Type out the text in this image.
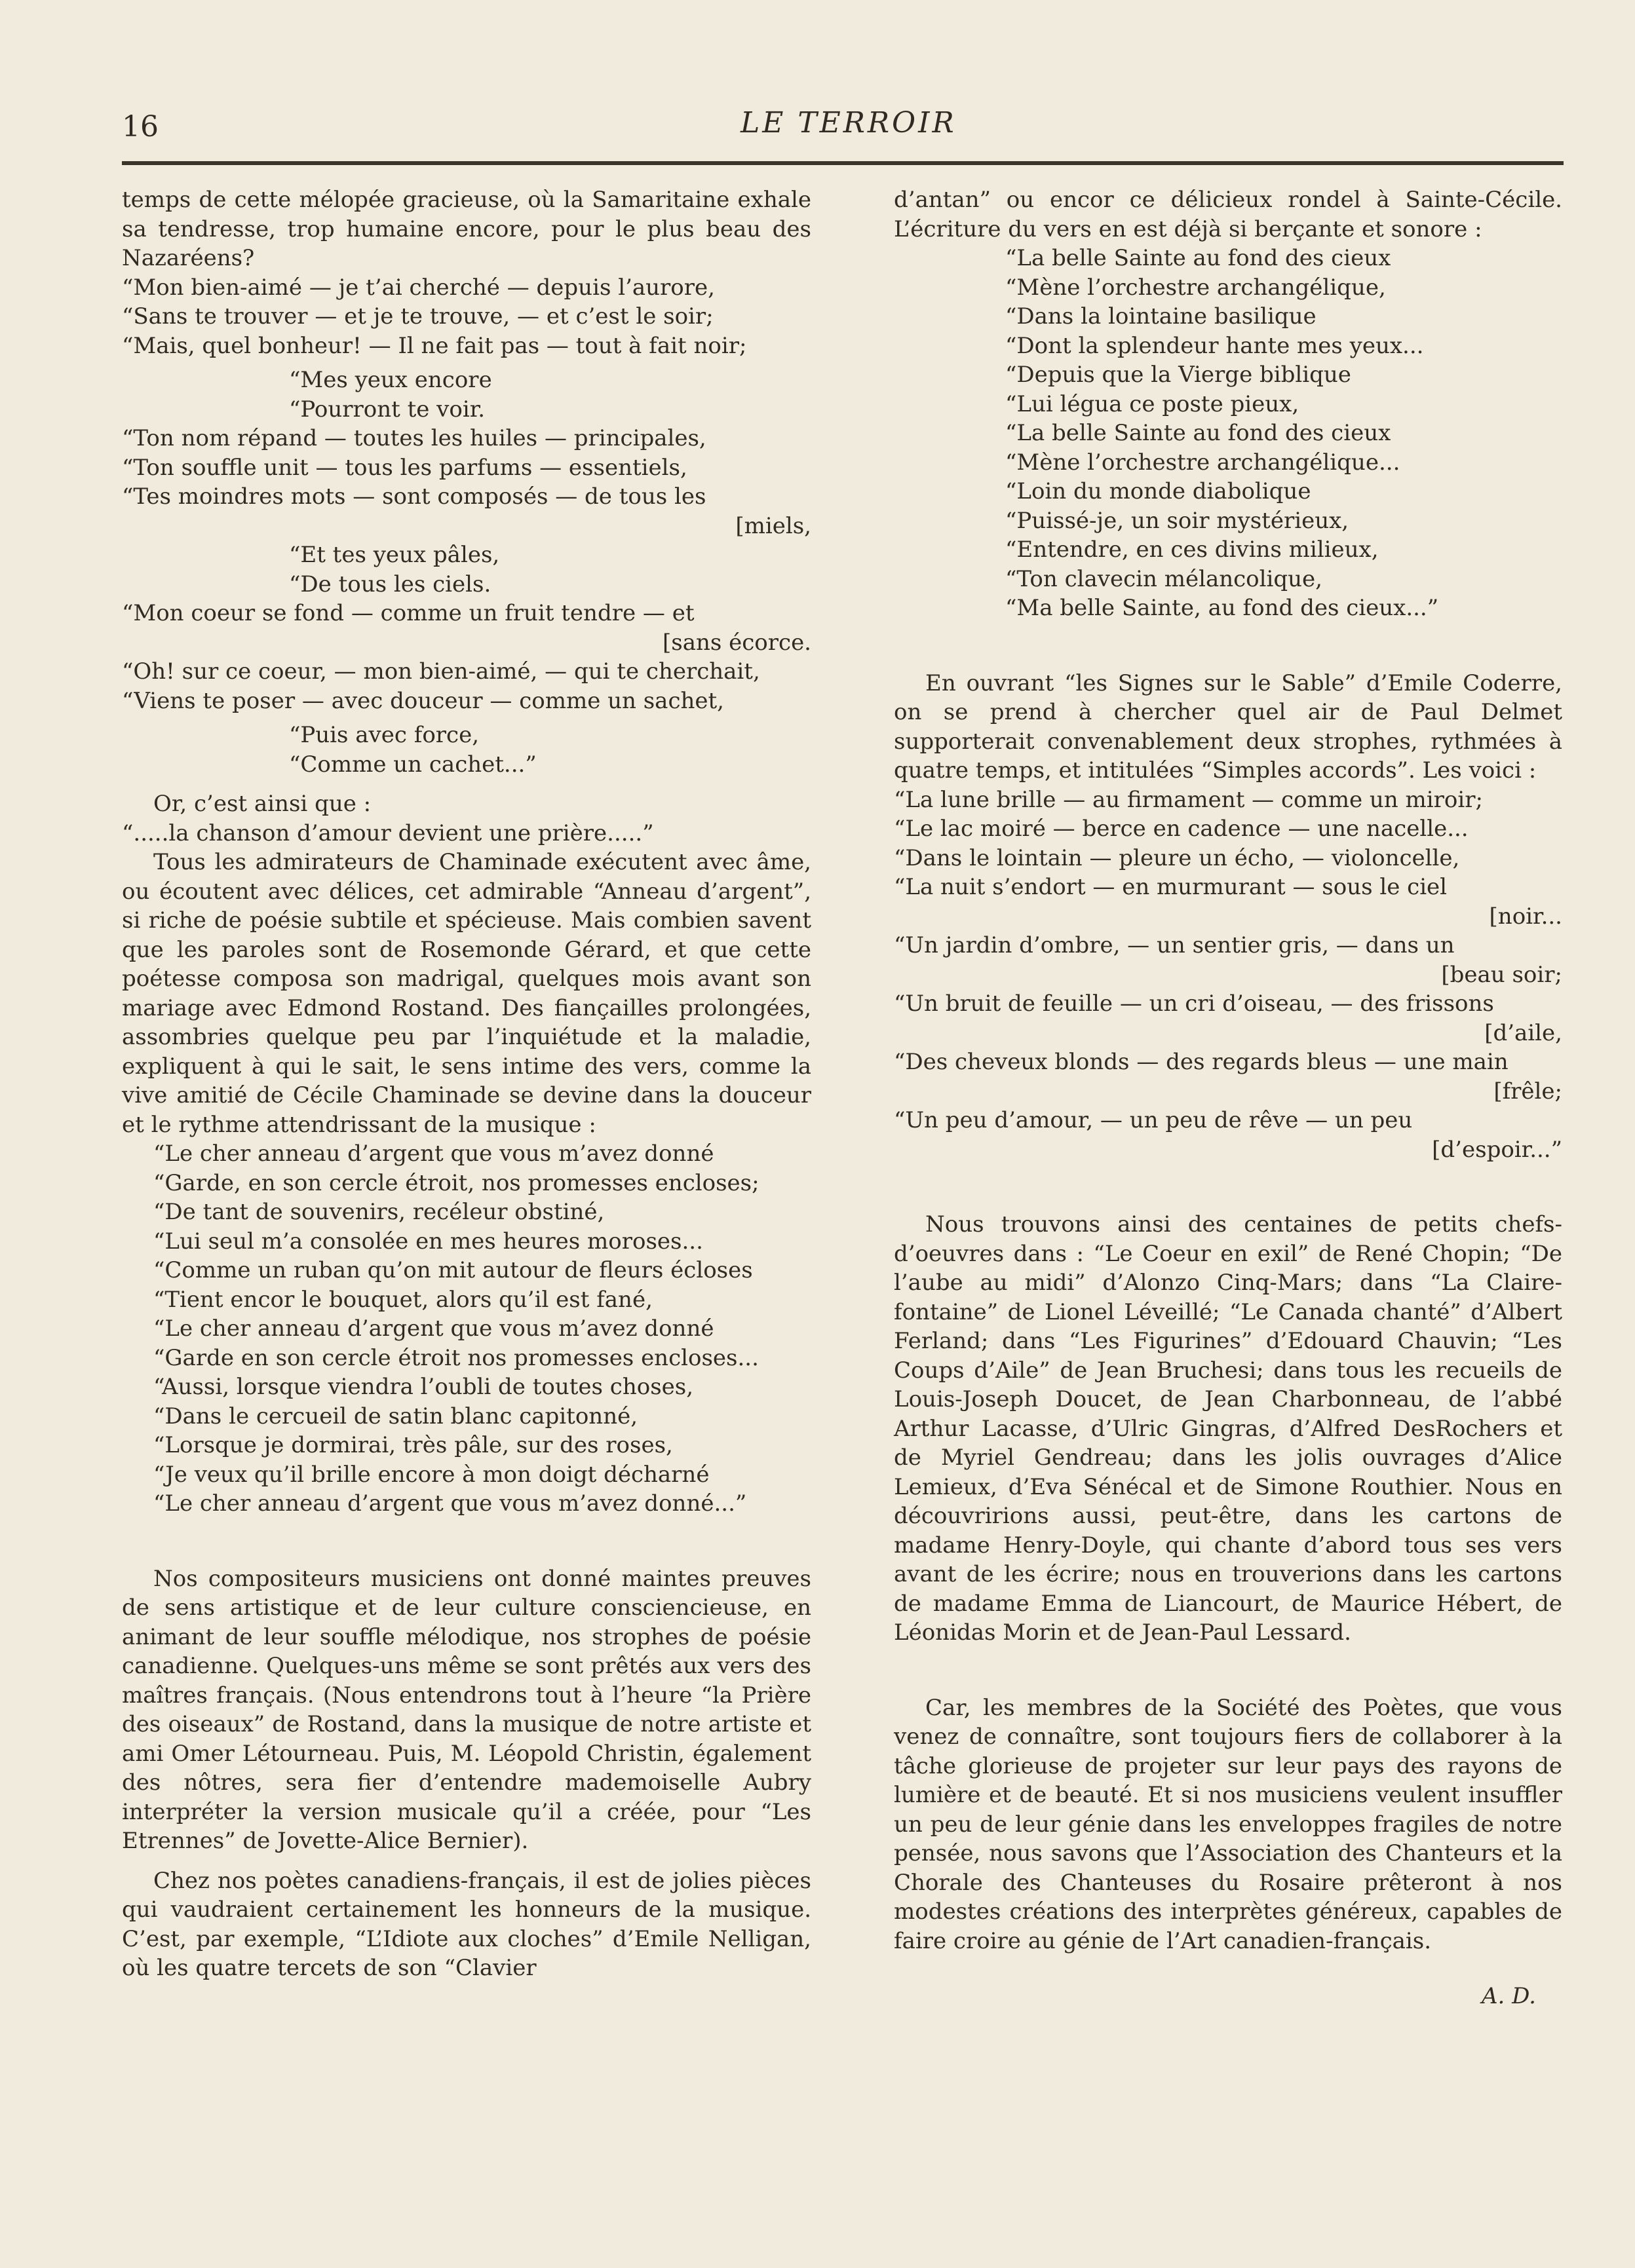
16	LE TERROIR

temps de cette mélopée gracieuse, où la Samaritaine exhale sa tendresse, trop humaine encore, pour le plus beau des Nazaréens?

“Mon bien-aimé — je t’ai cherché — depuis l’aurore,
“Sans te trouver — et je te trouve, — et c’est le soir;
“Mais, quel bonheur! — Il ne fait pas — tout à fait noir;
“Mes yeux encore
“Pourront te voir.
“Ton nom répand — toutes les huiles — principales,
“Ton souffle unit — tous les parfums — essentiels,
“Tes moindres mots — sont composés — de tous les
[miels,
“Et tes yeux pâles,
“De tous les ciels.
“Mon coeur se fond — comme un fruit tendre — et
[sans écorce.
“Oh! sur ce coeur, — mon bien-aimé, — qui te cherchait,
“Viens te poser — avec douceur — comme un sachet,
“Puis avec force,
“Comme un cachet...”

Or, c’est ainsi que :

“.....la chanson d’amour devient une prière.....”

Tous les admirateurs de Chaminade exécutent avec âme, ou écoutent avec délices, cet admirable “Anneau d’argent”, si riche de poésie subtile et spécieuse. Mais combien savent que les paroles sont de Rosemonde Gérard, et que cette poétesse composa son madrigal, quelques mois avant son mariage avec Edmond Rostand. Des fiançailles prolongées, assombries quelque peu par l’inquiétude et la maladie, expliquent à qui le sait, le sens intime des vers, comme la vive amitié de Cécile Chaminade se devine dans la douceur et le rythme attendrissant de la musique :

“Le cher anneau d’argent que vous m’avez donné
“Garde, en son cercle étroit, nos promesses encloses;
“De tant de souvenirs, recéleur obstiné,
“Lui seul m’a consolée en mes heures moroses...
“Comme un ruban qu’on mit autour de fleurs écloses
“Tient encor le bouquet, alors qu’il est fané,
“Le cher anneau d’argent que vous m’avez donné
“Garde en son cercle étroit nos promesses encloses...
“Aussi, lorsque viendra l’oubli de toutes choses,
“Dans le cercueil de satin blanc capitonné,
“Lorsque je dormirai, très pâle, sur des roses,
“Je veux qu’il brille encore à mon doigt décharné
“Le cher anneau d’argent que vous m’avez donné...”

Nos compositeurs musiciens ont donné maintes preuves de sens artistique et de leur culture consciencieuse, en animant de leur souffle mélodique, nos strophes de poésie canadienne. Quelques-uns même se sont prêtés aux vers des maîtres français. (Nous entendrons tout à l’heure “la Prière des oiseaux” de Rostand, dans la musique de notre artiste et ami Omer Létourneau. Puis, M. Léopold Christin, également des nôtres, sera fier d’entendre mademoiselle Aubry interpréter la version musicale qu’il a créée, pour “Les Etrennes” de Jovette-Alice Bernier).

Chez nos poètes canadiens-français, il est de jolies pièces qui vaudraient certainement les honneurs de la musique. C’est, par exemple, “L’Idiote aux cloches” d’Emile Nelligan, où les quatre tercets de son “Clavier

d’antan” ou encor ce délicieux rondel à Sainte-Cécile. L’écriture du vers en est déjà si berçante et sonore :

“La belle Sainte au fond des cieux
“Mène l’orchestre archangélique,
“Dans la lointaine basilique
“Dont la splendeur hante mes yeux...
“Depuis que la Vierge biblique
“Lui légua ce poste pieux,
“La belle Sainte au fond des cieux
“Mène l’orchestre archangélique...
“Loin du monde diabolique
“Puissé-je, un soir mystérieux,
“Entendre, en ces divins milieux,
“Ton clavecin mélancolique,
“Ma belle Sainte, au fond des cieux...”

En ouvrant “les Signes sur le Sable” d’Emile Coderre, on se prend à chercher quel air de Paul Delmet supporterait convenablement deux strophes, rythmées à quatre temps, et intitulées “Simples accords”. Les voici :

“La lune brille — au firmament — comme un miroir;
“Le lac moiré — berce en cadence — une nacelle...
“Dans le lointain — pleure un écho, — violoncelle,
“La nuit s’endort — en murmurant — sous le ciel
[noir...
“Un jardin d’ombre, — un sentier gris, — dans un
[beau soir;
“Un bruit de feuille — un cri d’oiseau, — des frissons
[d’aile,
“Des cheveux blonds — des regards bleus — une main
[frêle;
“Un peu d’amour, — un peu de rêve — un peu
[d’espoir...”

Nous trouvons ainsi des centaines de petits chefs-d’oeuvres dans : “Le Coeur en exil” de René Chopin; “De l’aube au midi” d’Alonzo Cinq-Mars; dans “La Claire-fontaine” de Lionel Léveillé; “Le Canada chanté” d’Albert Ferland; dans “Les Figurines” d’Edouard Chauvin; “Les Coups d’Aile” de Jean Bruchesi; dans tous les recueils de Louis-Joseph Doucet, de Jean Charbonneau, de l’abbé Arthur Lacasse, d’Ulric Gingras, d’Alfred DesRochers et de Myriel Gendreau; dans les jolis ouvrages d’Alice Lemieux, d’Eva Sénécal et de Simone Routhier. Nous en découvririons aussi, peut-être, dans les cartons de madame Henry-Doyle, qui chante d’abord tous ses vers avant de les écrire; nous en trouverions dans les cartons de madame Emma de Liancourt, de Maurice Hébert, de Léonidas Morin et de Jean-Paul Lessard.

Car, les membres de la Société des Poètes, que vous venez de connaître, sont toujours fiers de collaborer à la tâche glorieuse de projeter sur leur pays des rayons de lumière et de beauté. Et si nos musiciens veulent insuffler un peu de leur génie dans les enveloppes fragiles de notre pensée, nous savons que l’Association des Chanteurs et la Chorale des Chanteuses du Rosaire prêteront à nos modestes créations des interprètes généreux, capables de faire croire au génie de l’Art canadien-français.

A. D.
